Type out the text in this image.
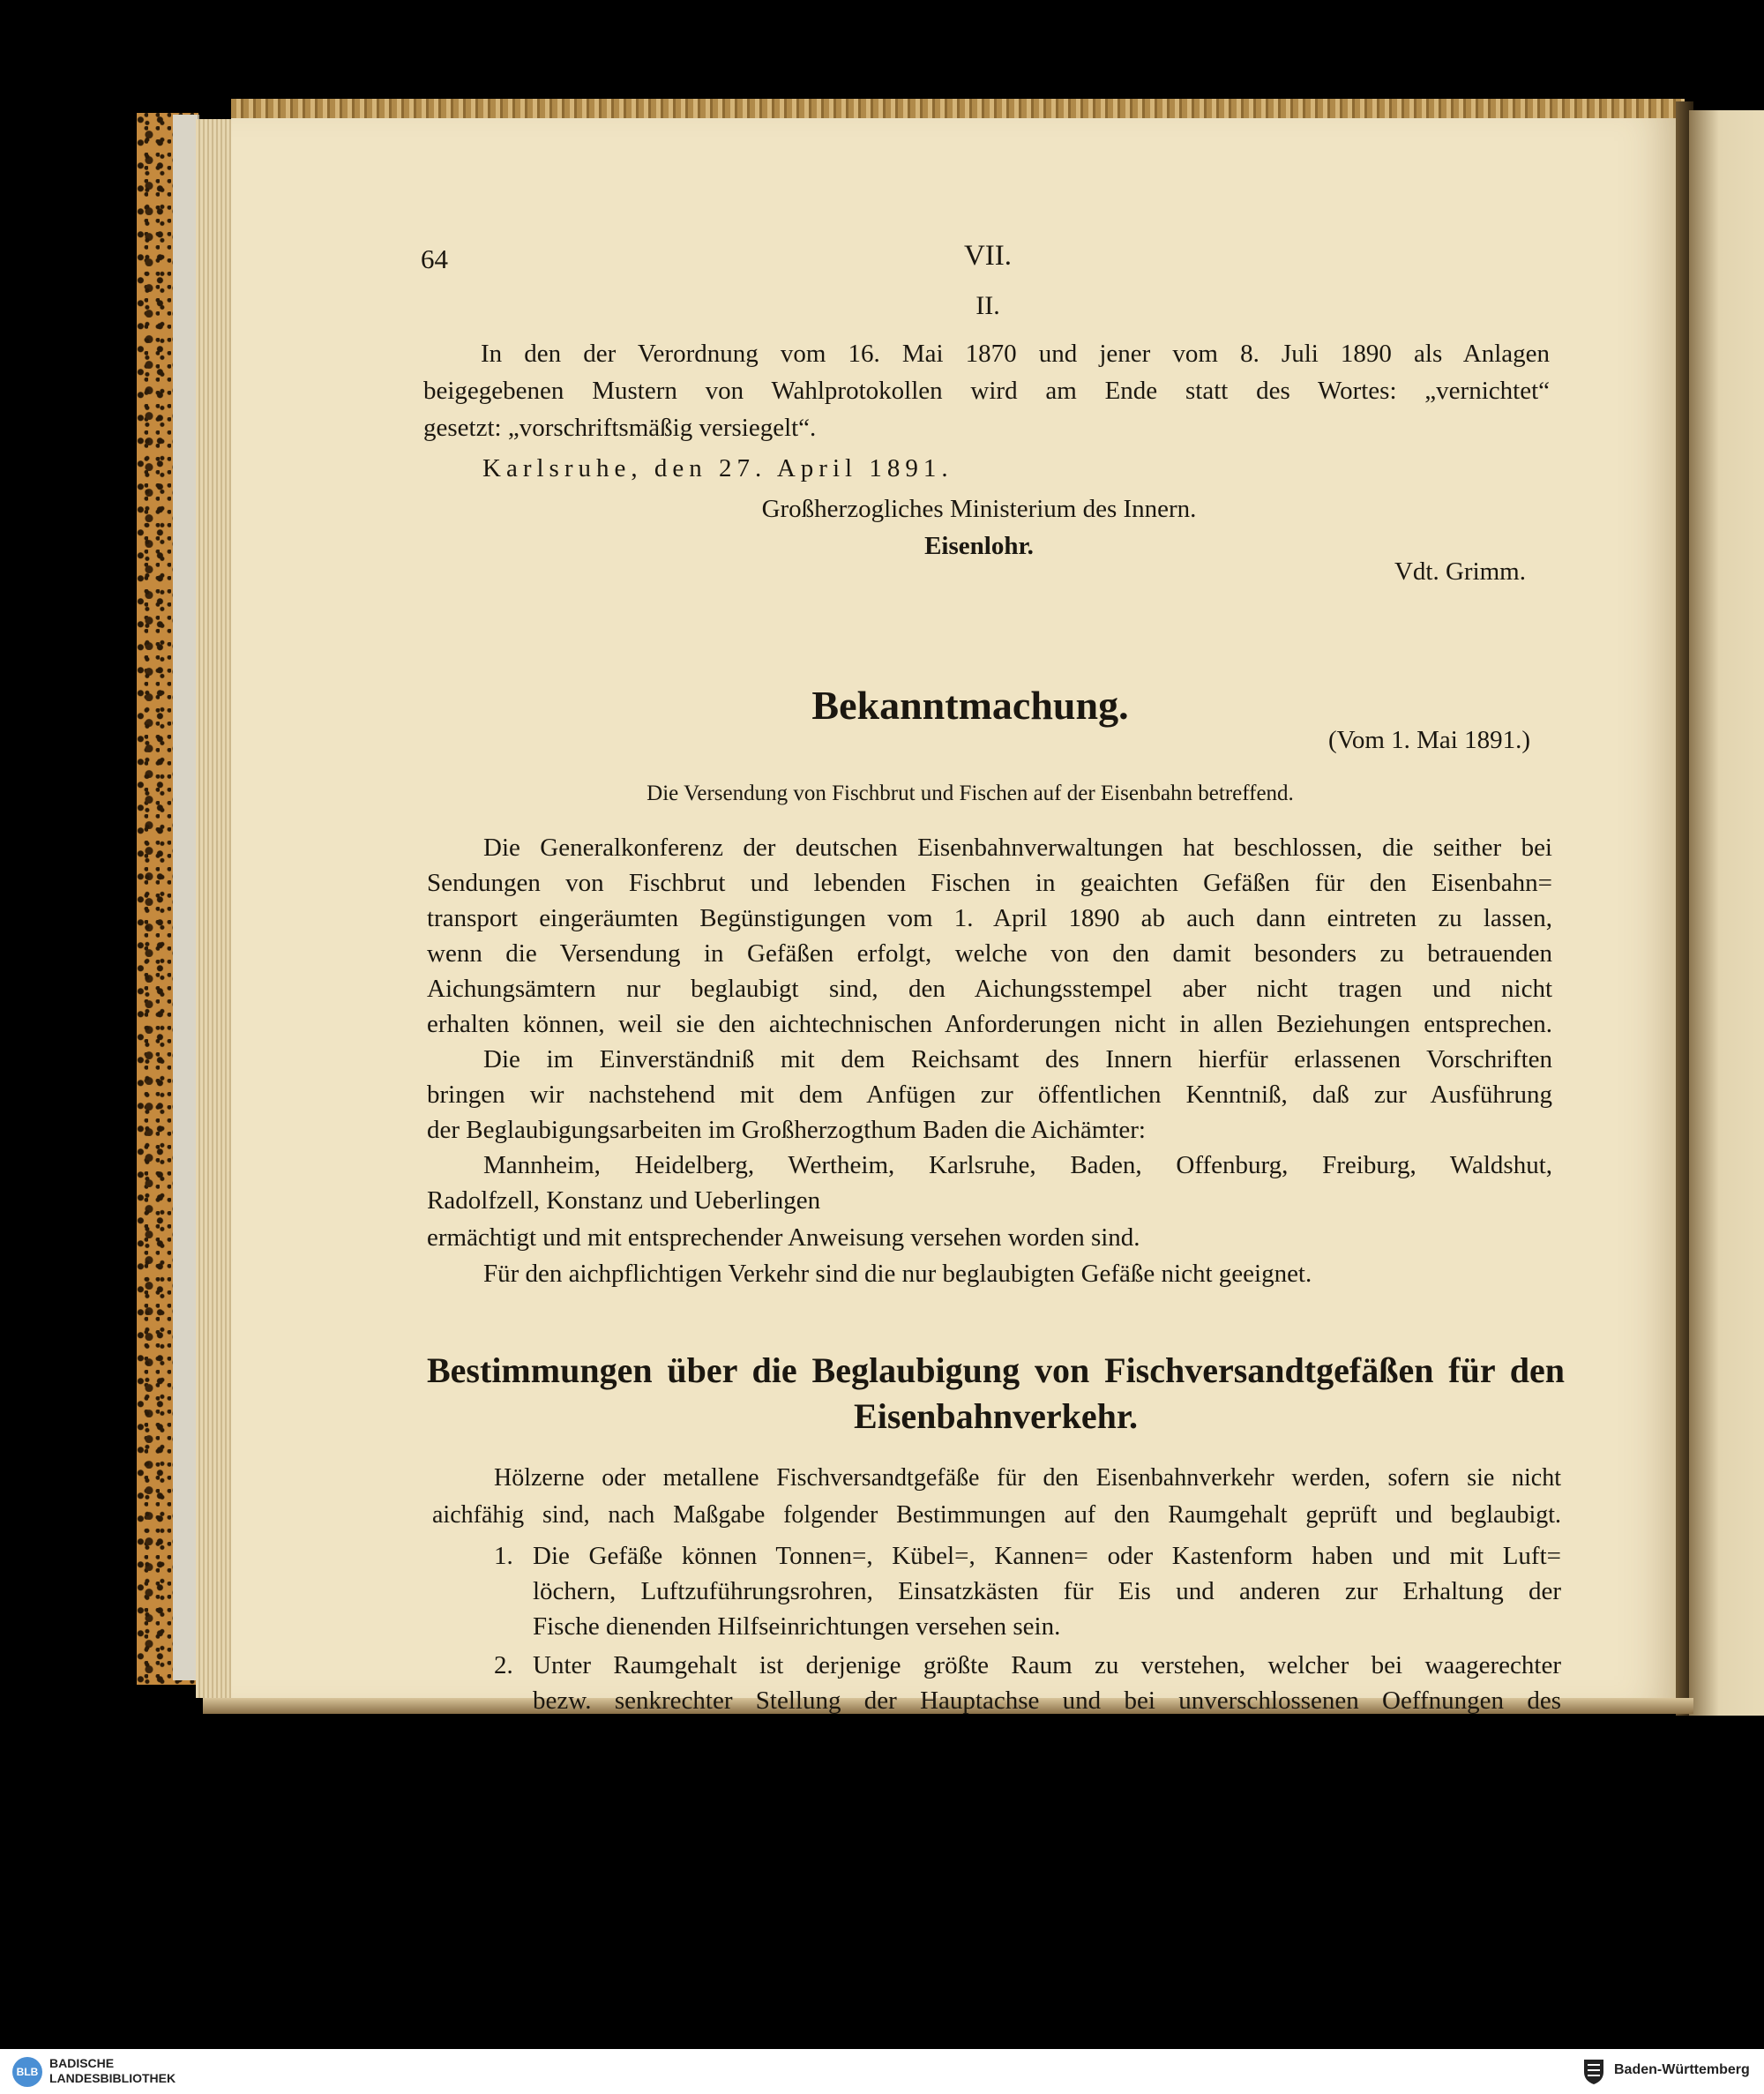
64	VII.

II.

In den der Verordnung vom 16. Mai 1870 und jener vom 8. Juli 1890 als Anlagen

beigegebenen Mustern von Wahlprotokollen wird am Ende statt des Wortes: „vernichtet“

gesetzt: „vorschriftsmäßig versiegelt“.

Karlsruhe, den 27. April 1891.

Großherzogliches Ministerium des Innern.

Eisenlohr.

Vdt. Grimm.

Bekanntmachung.

(Vom 1. Mai 1891.)

Die Versendung von Fischbrut und Fischen auf der Eisenbahn betreffend.

Die Generalkonferenz der deutschen Eisenbahnverwaltungen hat beschlossen, die seither bei

Sendungen von Fischbrut und lebenden Fischen in geaichten Gefäßen für den Eisenbahn=

transport eingeräumten Begünstigungen vom 1. April 1890 ab auch dann eintreten zu lassen,

wenn die Versendung in Gefäßen erfolgt, welche von den damit besonders zu betrauenden

Aichungsämtern nur beglaubigt sind, den Aichungsstempel aber nicht tragen und nicht

erhalten können, weil sie den aichtechnischen Anforderungen nicht in allen Beziehungen entsprechen.

Die im Einverständniß mit dem Reichsamt des Innern hierfür erlassenen Vorschriften

bringen wir nachstehend mit dem Anfügen zur öffentlichen Kenntniß, daß zur Ausführung

der Beglaubigungsarbeiten im Großherzogthum Baden die Aichämter:

Mannheim, Heidelberg, Wertheim, Karlsruhe, Baden, Offenburg, Freiburg, Waldshut,

Radolfzell, Konstanz und Ueberlingen

ermächtigt und mit entsprechender Anweisung versehen worden sind.

Für den aichpflichtigen Verkehr sind die nur beglaubigten Gefäße nicht geeignet.

Bestimmungen über die Beglaubigung von Fischversandtgefäßen für den

Eisenbahnverkehr.

Hölzerne oder metallene Fischversandtgefäße für den Eisenbahnverkehr werden, sofern sie nicht

aichfähig sind, nach Maßgabe folgender Bestimmungen auf den Raumgehalt geprüft und beglaubigt.

1. Die Gefäße können Tonnen=, Kübel=, Kannen= oder Kastenform haben und mit Luft=

löchern, Luftzuführungsrohren, Einsatzkästen für Eis und anderen zur Erhaltung der

Fische dienenden Hilfseinrichtungen versehen sein.

2. Unter Raumgehalt ist derjenige größte Raum zu verstehen, welcher bei waagerechter

bezw. senkrechter Stellung der Hauptachse und bei unverschlossenen Oeffnungen des

BLB
BADISCHE
LANDESBIBLIOTHEK
Baden-Württemberg
